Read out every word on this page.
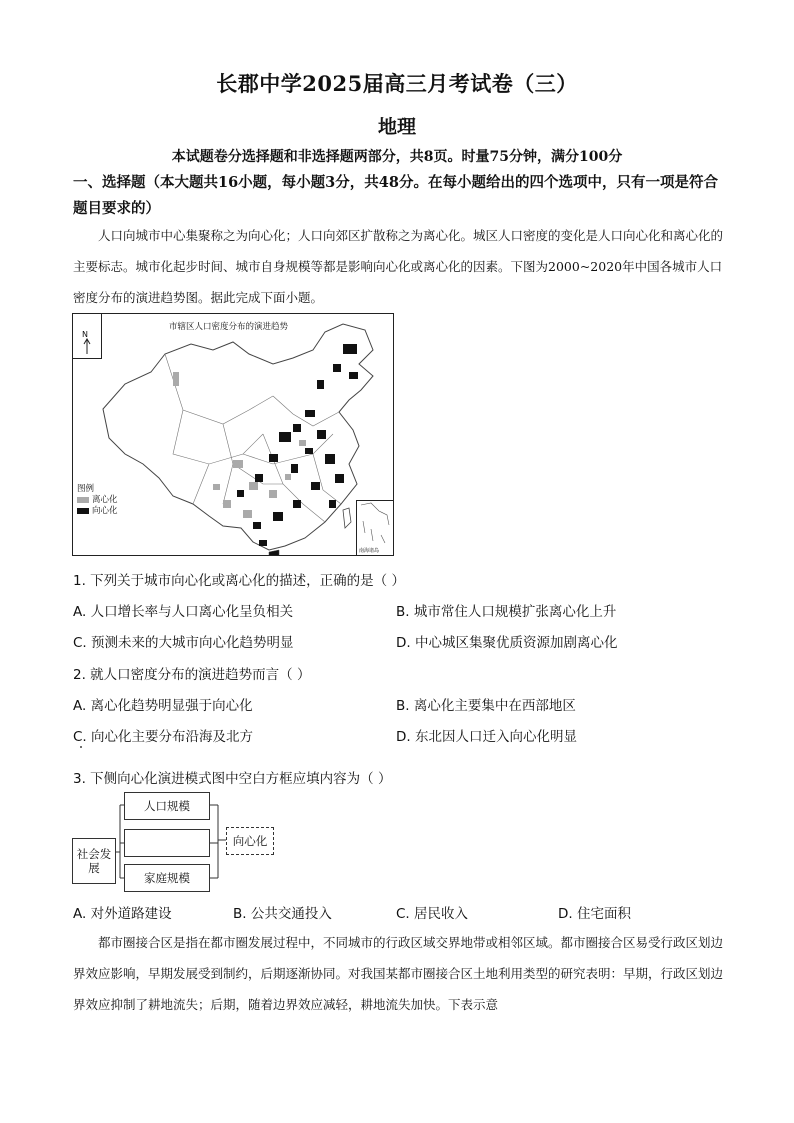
长郡中学2025届高三月考试卷（三）
地理
本试题卷分选择题和非选择题两部分，共8页。时量75分钟，满分100分
一、选择题（本大题共16小题，每小题3分，共48分。在每小题给出的四个选项中，只有一项是符合题目要求的）
人口向城市中心集聚称之为向心化；人口向郊区扩散称之为离心化。城区人口密度的变化是人口向心化和离心化的主要标志。城市化起步时间、城市自身规模等都是影响向心化或离心化的因素。下图为2000~2020年中国各城市人口密度分布的演进趋势图。据此完成下面小题。
N
市辖区人口密度分布的演进趋势
图例
离心化
向心化
南海诸岛
1. 下列关于城市向心化或离心化的描述，正确的是（ ）
A. 人口增长率与人口离心化呈负相关	B. 城市常住人口规模扩张离心化上升
C. 预测未来的大城市向心化趋势明显	D. 中心城区集聚优质资源加剧离心化
2. 就人口密度分布的演进趋势而言（ ）
A. 离心化趋势明显强于向心化	B. 离心化主要集中在西部地区
C. 向心化主要分布沿海及北方	D. 东北因人口迁入向心化明显
3. 下侧向心化演进模式图中空白方框应填内容为（ ）
社会发展
人口规模
家庭规模
向心化
A. 对外道路建设	B. 公共交通投入	C. 居民收入	D. 住宅面积
都市圈接合区是指在都市圈发展过程中，不同城市的行政区域交界地带或相邻区域。都市圈接合区易受行政区划边界效应影响，早期发展受到制约，后期逐渐协同。对我国某都市圈接合区土地利用类型的研究表明：早期，行政区划边界效应抑制了耕地流失；后期，随着边界效应减轻，耕地流失加快。下表示意
